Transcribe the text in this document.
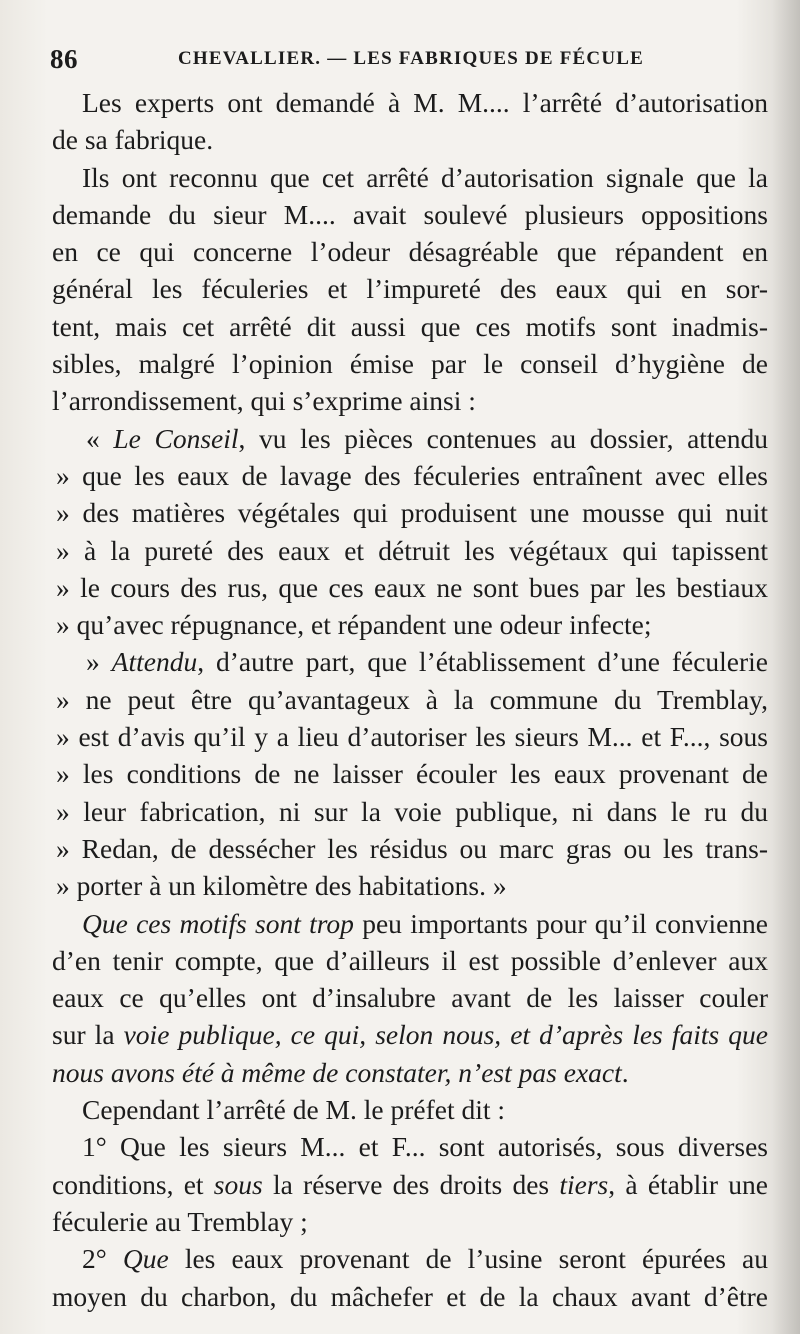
86	CHEVALLIER. — LES FABRIQUES DE FÉCULE
Les experts ont demandé à M. M.... l’arrêté d’autorisation
de sa fabrique.
Ils ont reconnu que cet arrêté d’autorisation signale que la
demande du sieur M.... avait soulevé plusieurs oppositions
en ce qui concerne l’odeur désagréable que répandent en
général les féculeries et l’impureté des eaux qui en sor-
tent, mais cet arrêté dit aussi que ces motifs sont inadmis-
sibles, malgré l’opinion émise par le conseil d’hygiène de
l’arrondissement, qui s’exprime ainsi :
« Le Conseil, vu les pièces contenues au dossier, attendu
» que les eaux de lavage des féculeries entraînent avec elles
» des matières végétales qui produisent une mousse qui nuit
» à la pureté des eaux et détruit les végétaux qui tapissent
» le cours des rus, que ces eaux ne sont bues par les bestiaux
» qu’avec répugnance, et répandent une odeur infecte;
» Attendu, d’autre part, que l’établissement d’une féculerie
» ne peut être qu’avantageux à la commune du Tremblay,
» est d’avis qu’il y a lieu d’autoriser les sieurs M... et F..., sous
» les conditions de ne laisser écouler les eaux provenant de
» leur fabrication, ni sur la voie publique, ni dans le ru du
» Redan, de dessécher les résidus ou marc gras ou les trans-
» porter à un kilomètre des habitations. »
Que ces motifs sont trop peu importants pour qu’il convienne
d’en tenir compte, que d’ailleurs il est possible d’enlever aux
eaux ce qu’elles ont d’insalubre avant de les laisser couler
sur la voie publique, ce qui, selon nous, et d’après les faits que
nous avons été à même de constater, n’est pas exact.
Cependant l’arrêté de M. le préfet dit :
1° Que les sieurs M... et F... sont autorisés, sous diverses
conditions, et sous la réserve des droits des tiers, à établir une
féculerie au Tremblay ;
2° Que les eaux provenant de l’usine seront épurées au
moyen du charbon, du mâchefer et de la chaux avant d’être
